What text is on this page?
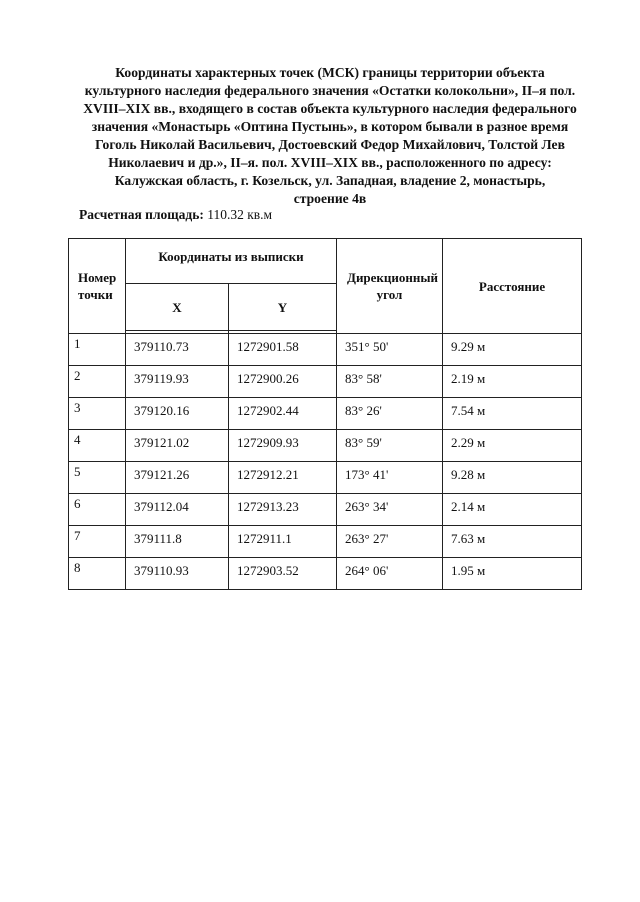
Координаты характерных точек (МСК) границы территории объекта
культурного наследия федерального значения «Остатки колокольни», II–я пол.
XVIII–XIX вв., входящего в состав объекта культурного наследия федерального
значения «Монастырь «Оптина Пустынь», в котором бывали в разное время
Гоголь Николай Васильевич, Достоевский Федор Михайлович, Толстой Лев
Николаевич и др.», II–я. пол. XVIII–XIX вв., расположенного по адресу:
Калужская область, г. Козельск, ул. Западная, владение 2, монастырь,
строение 4в
Расчетная площадь: 110.32 кв.м
Номер точки	Координаты из выписки		Дирекционный угол	Расстояние
	X	Y		

1	379110.73	1272901.58	351° 50'	9.29 м
2	379119.93	1272900.26	83° 58'	2.19 м
3	379120.16	1272902.44	83° 26'	7.54 м
4	379121.02	1272909.93	83° 59'	2.29 м
5	379121.26	1272912.21	173° 41'	9.28 м
6	379112.04	1272913.23	263° 34'	2.14 м
7	379111.8	1272911.1	263° 27'	7.63 м
8	379110.93	1272903.52	264° 06'	1.95 м
